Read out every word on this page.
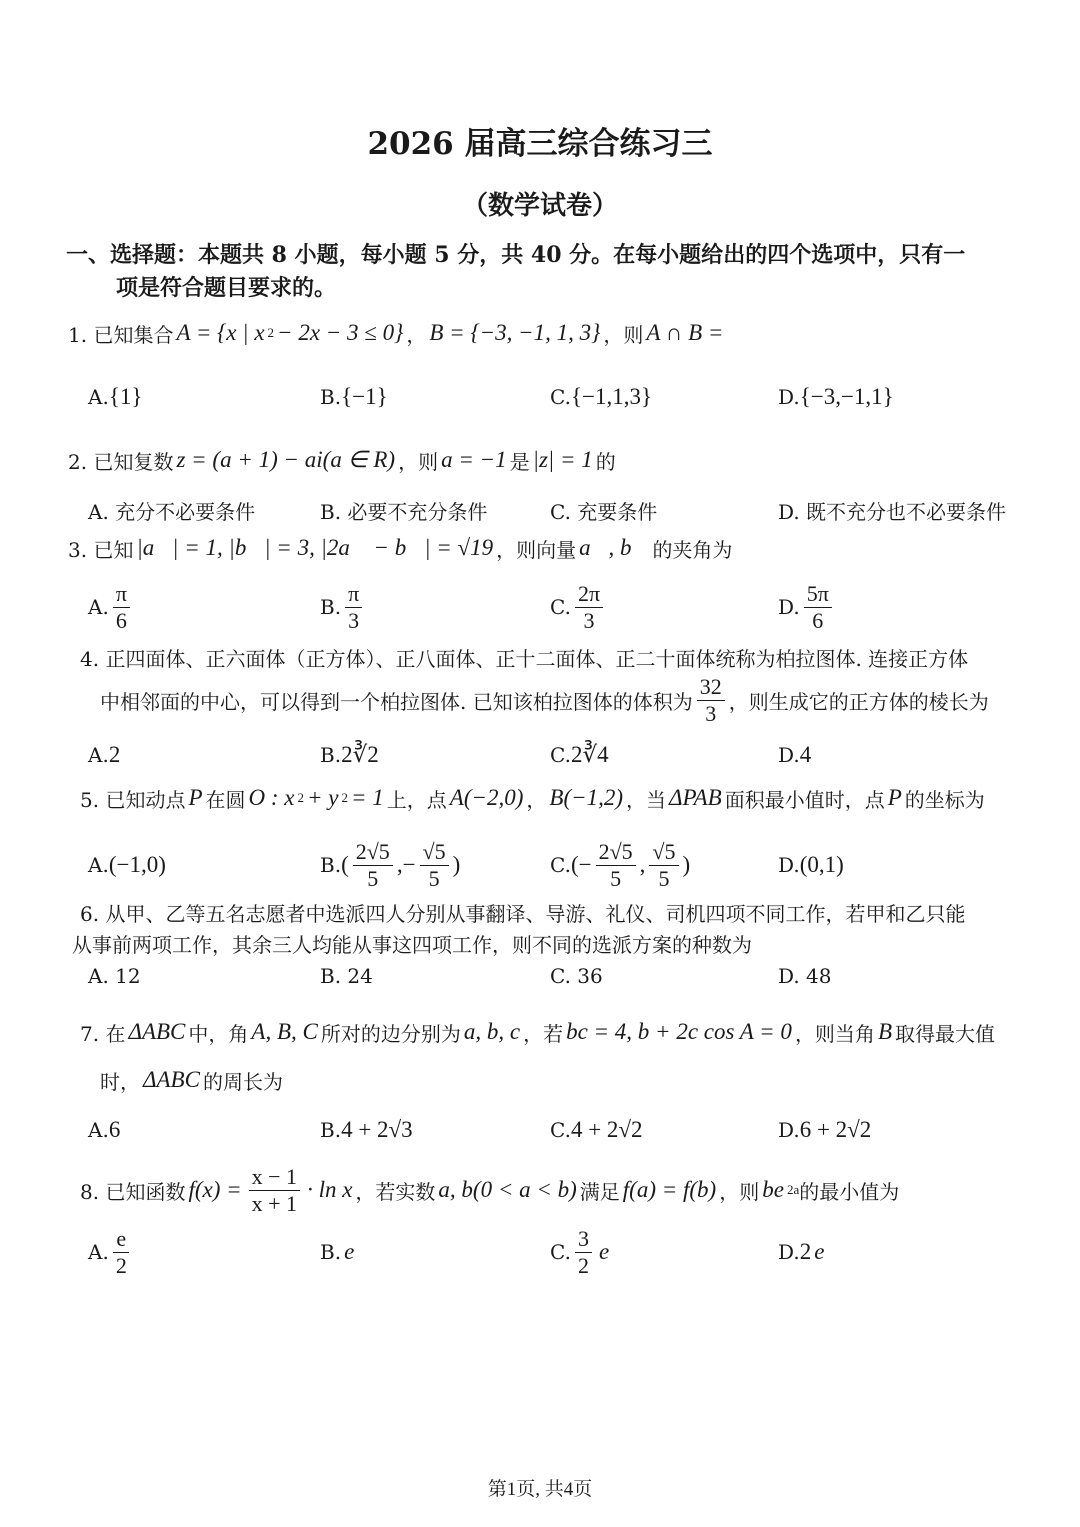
2026 届高三综合练习三
（数学试卷）
一、选择题：本题共 8 小题，每小题 5 分，共 40 分。在每小题给出的四个选项中，只有一
项是符合题目要求的。
1. 已知集合 A = {x | x 2 − 2x − 3 ≤ 0} ， B = {−3, −1, 1, 3} ，则 A ∩ B =
A. {1}	B. {−1}	C. {−1,1,3}	D. {−3,−1,1}
2. 已知复数 z = (a + 1) − ai(a ∈ R) ，则 a = −1 是 |z| = 1 的
A. 充分不必要条件	B. 必要不充分条件	C. 充要条件	D. 既不充分也不必要条件
3. 已知 |a⃗| = 1, |b⃗| = 3, |2a⃗ − b⃗| = √19 ，则向量 a⃗, b⃗ 的夹角为
A. $\frac{\pi}{6}$	B. $\frac{\pi}{3}$	C. $\frac{2\pi}{3}$	D. $\frac{5\pi}{6}$
4. 正四面体、正六面体（正方体）、正八面体、正十二面体、正二十面体统称为柏拉图体. 连接正方体
中相邻面的中心，可以得到一个柏拉图体. 已知该柏拉图体的体积为 $\frac{32}{3}$ ，则生成它的正方体的棱长为
A. 2	B. 2∛2	C. 2∛4	D. 4
5. 已知动点 P 在圆 O : x 2 + y 2 = 1 上，点 A(−2,0) ， B(−1,2) ，当 ΔPAB 面积最小值时，点 P 的坐标为
A. (−1,0)	B. ( $\frac{2√5}{5}$ ,− $\frac{√5}{5}$ )	C. (− $\frac{2√5}{5}$ , $\frac{√5}{5}$ )	D. (0,1)
6. 从甲、乙等五名志愿者中选派四人分别从事翻译、导游、礼仪、司机四项不同工作，若甲和乙只能
从事前两项工作，其余三人均能从事这四项工作，则不同的选派方案的种数为
A. 12	B. 24	C. 36	D. 48
7. 在 ΔABC 中，角 A, B, C 所对的边分别为 a, b, c ，若 bc = 4, b + 2c cos A = 0 ，则当角 B 取得最大值
时， ΔABC 的周长为
A. 6	B. 4 + 2√3	C. 4 + 2√2	D. 6 + 2√2
8. 已知函数 $f(x) = \frac{x - 1}{x + 1} \cdot \ln x$ ，若实数 a, b(0 < a < b) 满足 f(a) = f(b) ，则 be 2a 的最小值为
A. $\frac{e}{2}$	B. e	C. $\frac{3}{2}$ e	D. 2 e
第1页, 共4页
